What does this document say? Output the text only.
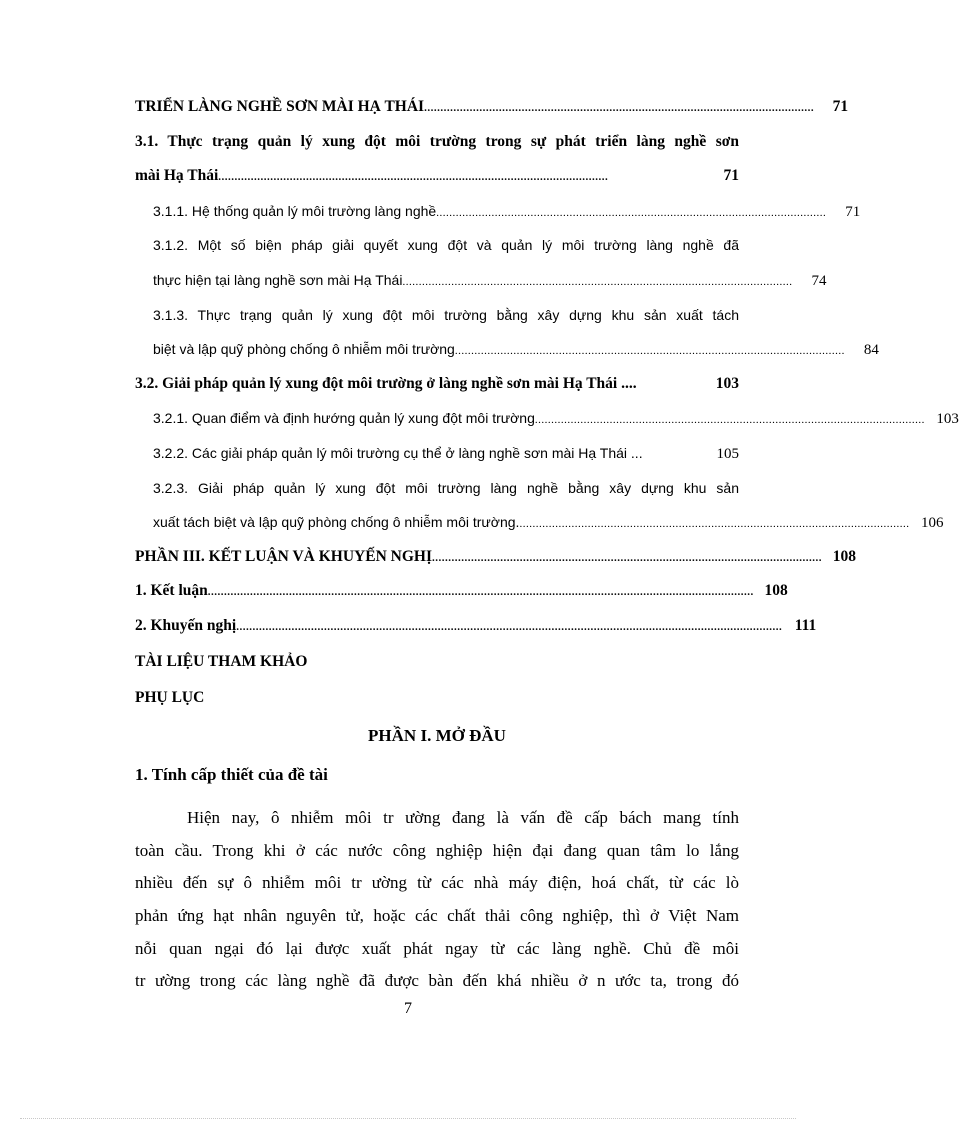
TRIỂN LÀNG NGHỀ SƠN MÀI HẠ THÁI ........................................................................................................................	71
3.1. Thực trạng quản lý xung đột môi trường trong sự phát triển làng nghề sơn
mài Hạ Thái ........................................................................................................................	71
3.1.1. Hệ thống quản lý môi trường làng nghề ........................................................................................................................	71
3.1.2. Một số biện pháp giải quyết xung đột và quản lý môi trường làng nghề đã
thực hiện tại làng nghề sơn mài Hạ Thái ........................................................................................................................	74
3.1.3. Thực trạng quản lý xung đột môi trường bằng xây dựng khu sản xuất tách
biệt và lập quỹ phòng chống ô nhiễm môi trường ........................................................................................................................	84
3.2. Giải pháp quản lý xung đột môi trường ở làng nghề sơn mài Hạ Thái ....	103
3.2.1. Quan điểm và định hướng quản lý xung đột môi trường ........................................................................................................................ 103
3.2.2. Các giải pháp quản lý môi trường cụ thể ở làng nghề sơn mài Hạ Thái ...	105
3.2.3. Giải pháp quản lý xung đột môi trường làng nghề bằng xây dựng khu sản
xuất tách biệt và lập quỹ phòng chống ô nhiễm môi trường. ........................................................................................................................ 106
PHẦN III. KẾT LUẬN VÀ KHUYẾN NGHỊ ........................................................................................................................ 108
1. Kết luận ........................................................................................................................................................................ 108
2. Khuyến nghị ........................................................................................................................................................................ 111
TÀI LIỆU THAM KHẢO
PHỤ LỤC
PHẦN I. MỞ ĐẦU
1. Tính cấp thiết của đề tài
Hiện nay, ô nhiễm môi tr ường đang là vấn đề cấp bách mang tính
toàn cầu. Trong khi ở các nước công nghiệp hiện đại đang quan tâm lo lắng
nhiều đến sự ô nhiễm môi tr ường từ các nhà máy điện, hoá chất, từ các lò
phản ứng hạt nhân nguyên tử, hoặc các chất thải công nghiệp, thì ở Việt Nam
nỗi quan ngại đó lại được xuất phát ngay từ các làng nghề. Chủ đề môi
tr ường trong các làng nghề đã được bàn đến khá nhiều ở n ước ta, trong đó
7
